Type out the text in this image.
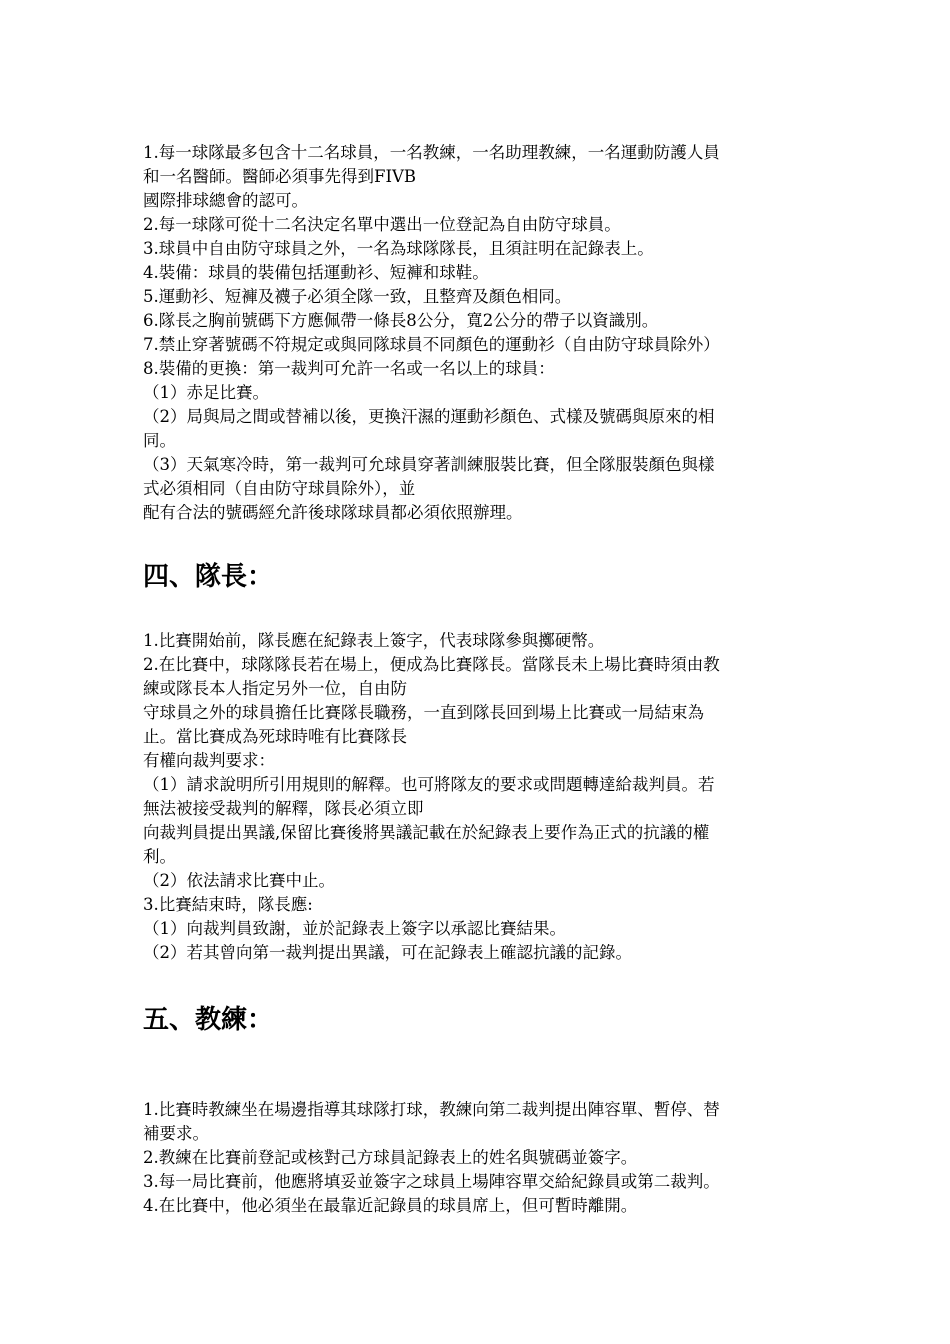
1.每一球隊最多包含十二名球員，一名教練，一名助理教練，一名運動防護人員

和一名醫師。醫師必須事先得到FIVB

國際排球總會的認可。

2.每一球隊可從十二名決定名單中選出一位登記為自由防守球員。

3.球員中自由防守球員之外，一名為球隊隊長，且須註明在記錄表上。

4.裝備：球員的裝備包括運動衫、短褲和球鞋。

5.運動衫、短褲及襪子必須全隊一致，且整齊及顏色相同。

6.隊長之胸前號碼下方應佩帶一條長8公分，寬2公分的帶子以資識別。

7.禁止穿著號碼不符規定或與同隊球員不同顏色的運動衫（自由防守球員除外）

8.裝備的更換：第一裁判可允許一名或一名以上的球員：

（1）赤足比賽。

（2）局與局之間或替補以後，更換汗濕的運動衫顏色、式樣及號碼與原來的相

同。

（3）天氣寒冷時，第一裁判可允球員穿著訓練服裝比賽，但全隊服裝顏色與樣

式必須相同（自由防守球員除外），並

配有合法的號碼經允許後球隊球員都必須依照辦理。

四、隊長：

1.比賽開始前，隊長應在紀錄表上簽字，代表球隊參與擲硬幣。

2.在比賽中，球隊隊長若在場上，便成為比賽隊長。當隊長未上場比賽時須由教

練或隊長本人指定另外一位，自由防

守球員之外的球員擔任比賽隊長職務，一直到隊長回到場上比賽或一局結束為

止。當比賽成為死球時唯有比賽隊長

有權向裁判要求：

（1）請求說明所引用規則的解釋。也可將隊友的要求或問題轉達給裁判員。若

無法被接受裁判的解釋，隊長必須立即

向裁判員提出異議,保留比賽後將異議記載在於紀錄表上要作為正式的抗議的權

利。

（2）依法請求比賽中止。

3.比賽結束時，隊長應:

（1）向裁判員致謝，並於記錄表上簽字以承認比賽結果。

（2）若其曾向第一裁判提出異議，可在記錄表上確認抗議的記錄。

五、教練：

1.比賽時教練坐在場邊指導其球隊打球，教練向第二裁判提出陣容單、暫停、替

補要求。

2.教練在比賽前登記或核對己方球員記錄表上的姓名與號碼並簽字。

3.每一局比賽前，他應將填妥並簽字之球員上場陣容單交給紀錄員或第二裁判。

4.在比賽中，他必須坐在最靠近記錄員的球員席上，但可暫時離開。
